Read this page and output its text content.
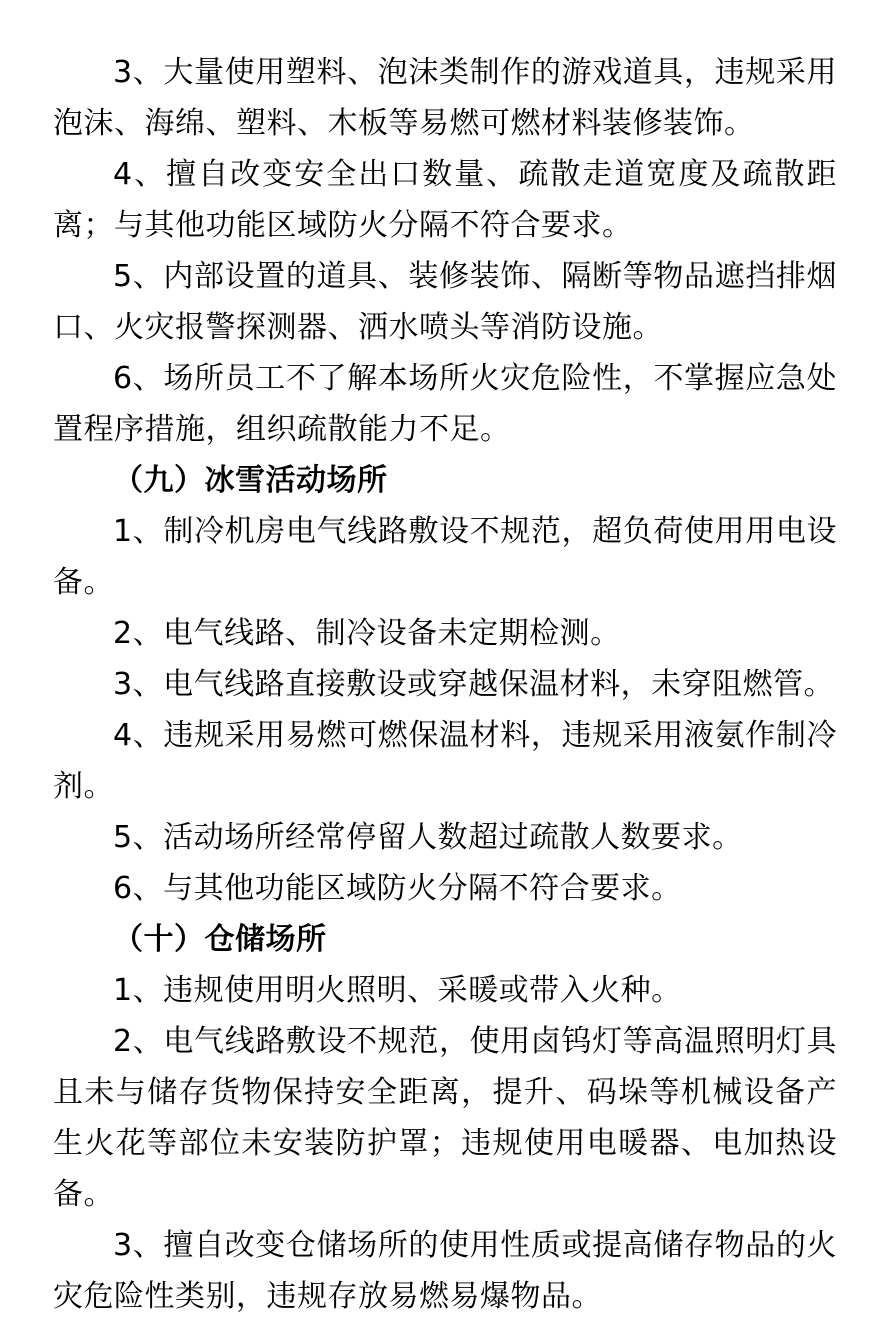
3、大量使用塑料、泡沫类制作的游戏道具，违规采用泡沫、海绵、塑料、木板等易燃可燃材料装修装饰。

4、擅自改变安全出口数量、疏散走道宽度及疏散距离；与其他功能区域防火分隔不符合要求。

5、内部设置的道具、装修装饰、隔断等物品遮挡排烟口、火灾报警探测器、洒水喷头等消防设施。

6、场所员工不了解本场所火灾危险性，不掌握应急处置程序措施，组织疏散能力不足。

（九）冰雪活动场所

1、制冷机房电气线路敷设不规范，超负荷使用用电设备。

2、电气线路、制冷设备未定期检测。

3、电气线路直接敷设或穿越保温材料，未穿阻燃管。

4、违规采用易燃可燃保温材料，违规采用液氨作制冷剂。

5、活动场所经常停留人数超过疏散人数要求。

6、与其他功能区域防火分隔不符合要求。

（十）仓储场所

1、违规使用明火照明、采暖或带入火种。

2、电气线路敷设不规范，使用卤钨灯等高温照明灯具且未与储存货物保持安全距离，提升、码垛等机械设备产生火花等部位未安装防护罩；违规使用电暖器、电加热设备。

3、擅自改变仓储场所的使用性质或提高储存物品的火灾危险性类别，违规存放易燃易爆物品。
